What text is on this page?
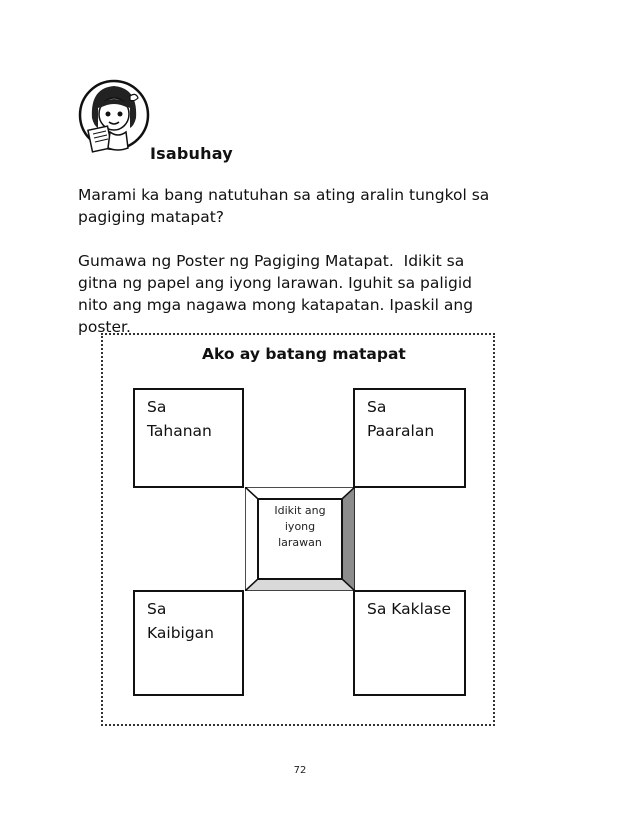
Isabuhay

Marami ka bang natutuhan sa ating aralin tungkol sa
pagiging matapat?

Gumawa ng Poster ng Pagiging Matapat.  Idikit sa
gitna ng papel ang iyong larawan. Iguhit sa paligid
nito ang mga nagawa mong katapatan. Ipaskil ang
poster.

Ako ay batang matapat
Sa
Tahanan
Sa
Paaralan
Sa
Kaibigan
Sa Kaklase
Idikit ang
iyong
larawan
72
